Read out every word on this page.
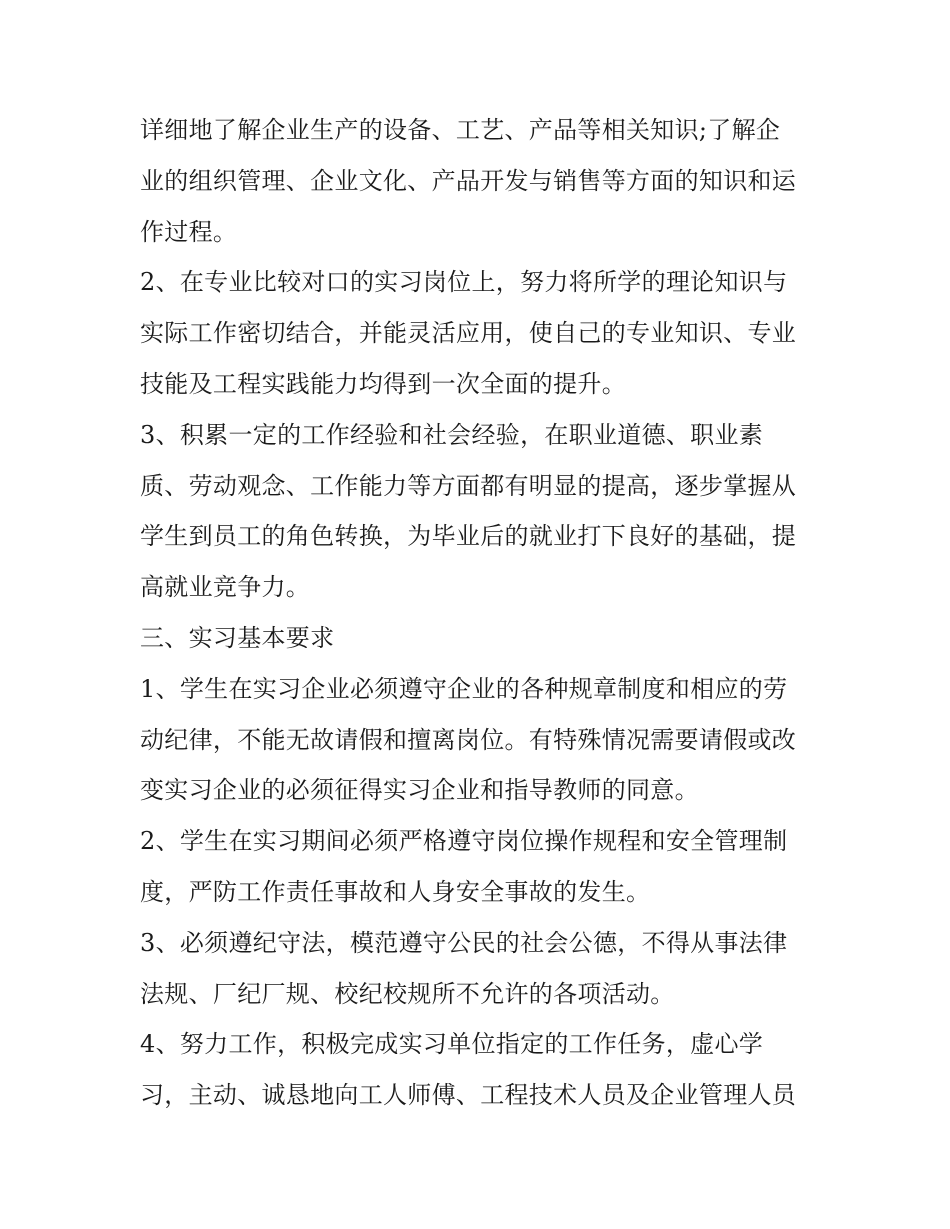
详细地了解企业生产的设备、工艺、产品等相关知识;了解企
业的组织管理、企业文化、产品开发与销售等方面的知识和运
作过程。
2、在专业比较对口的实习岗位上，努力将所学的理论知识与
实际工作密切结合，并能灵活应用，使自己的专业知识、专业
技能及工程实践能力均得到一次全面的提升。
3、积累一定的工作经验和社会经验，在职业道德、职业素
质、劳动观念、工作能力等方面都有明显的提高，逐步掌握从
学生到员工的角色转换，为毕业后的就业打下良好的基础，提
高就业竞争力。
三、实习基本要求
1、学生在实习企业必须遵守企业的各种规章制度和相应的劳
动纪律，不能无故请假和擅离岗位。有特殊情况需要请假或改
变实习企业的必须征得实习企业和指导教师的同意。
2、学生在实习期间必须严格遵守岗位操作规程和安全管理制
度，严防工作责任事故和人身安全事故的发生。
3、必须遵纪守法，模范遵守公民的社会公德，不得从事法律
法规、厂纪厂规、校纪校规所不允许的各项活动。
4、努力工作，积极完成实习单位指定的工作任务，虚心学
习，主动、诚恳地向工人师傅、工程技术人员及企业管理人员
